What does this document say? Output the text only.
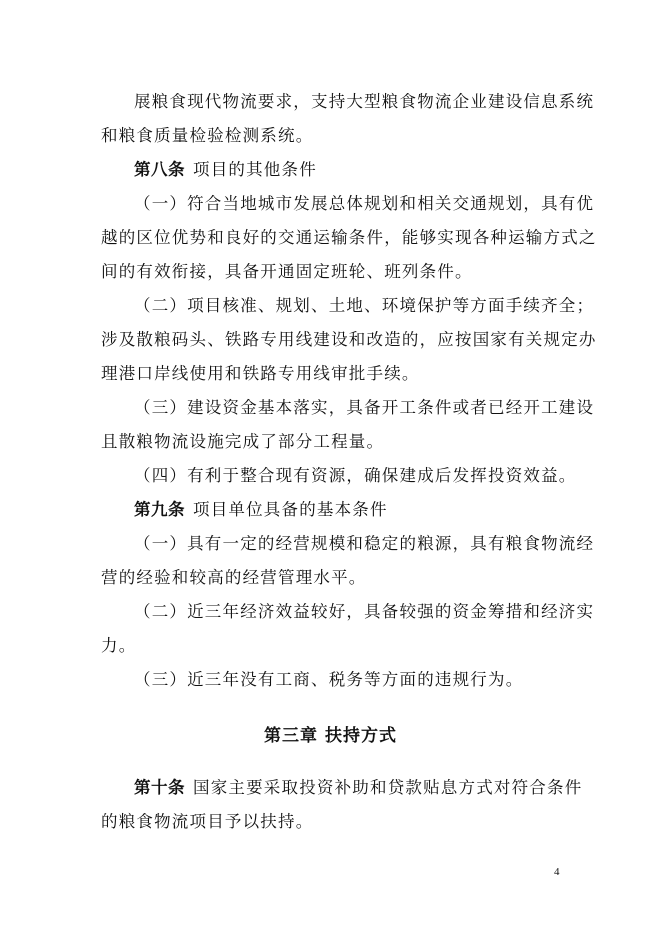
展粮食现代物流要求，支持大型粮食物流企业建设信息系统
和粮食质量检验检测系统。
第八条 项目的其他条件
（一）符合当地城市发展总体规划和相关交通规划，具有优
越的区位优势和良好的交通运输条件，能够实现各种运输方式之
间的有效衔接，具备开通固定班轮、班列条件。
（二）项目核准、规划、土地、环境保护等方面手续齐全；
涉及散粮码头、铁路专用线建设和改造的，应按国家有关规定办
理港口岸线使用和铁路专用线审批手续。
（三）建设资金基本落实，具备开工条件或者已经开工建设
且散粮物流设施完成了部分工程量。
（四）有利于整合现有资源，确保建成后发挥投资效益。
第九条 项目单位具备的基本条件
（一）具有一定的经营规模和稳定的粮源，具有粮食物流经
营的经验和较高的经营管理水平。
（二）近三年经济效益较好，具备较强的资金筹措和经济实
力。
（三）近三年没有工商、税务等方面的违规行为。
第三章 扶持方式
第十条 国家主要采取投资补助和贷款贴息方式对符合条件
的粮食物流项目予以扶持。
4
